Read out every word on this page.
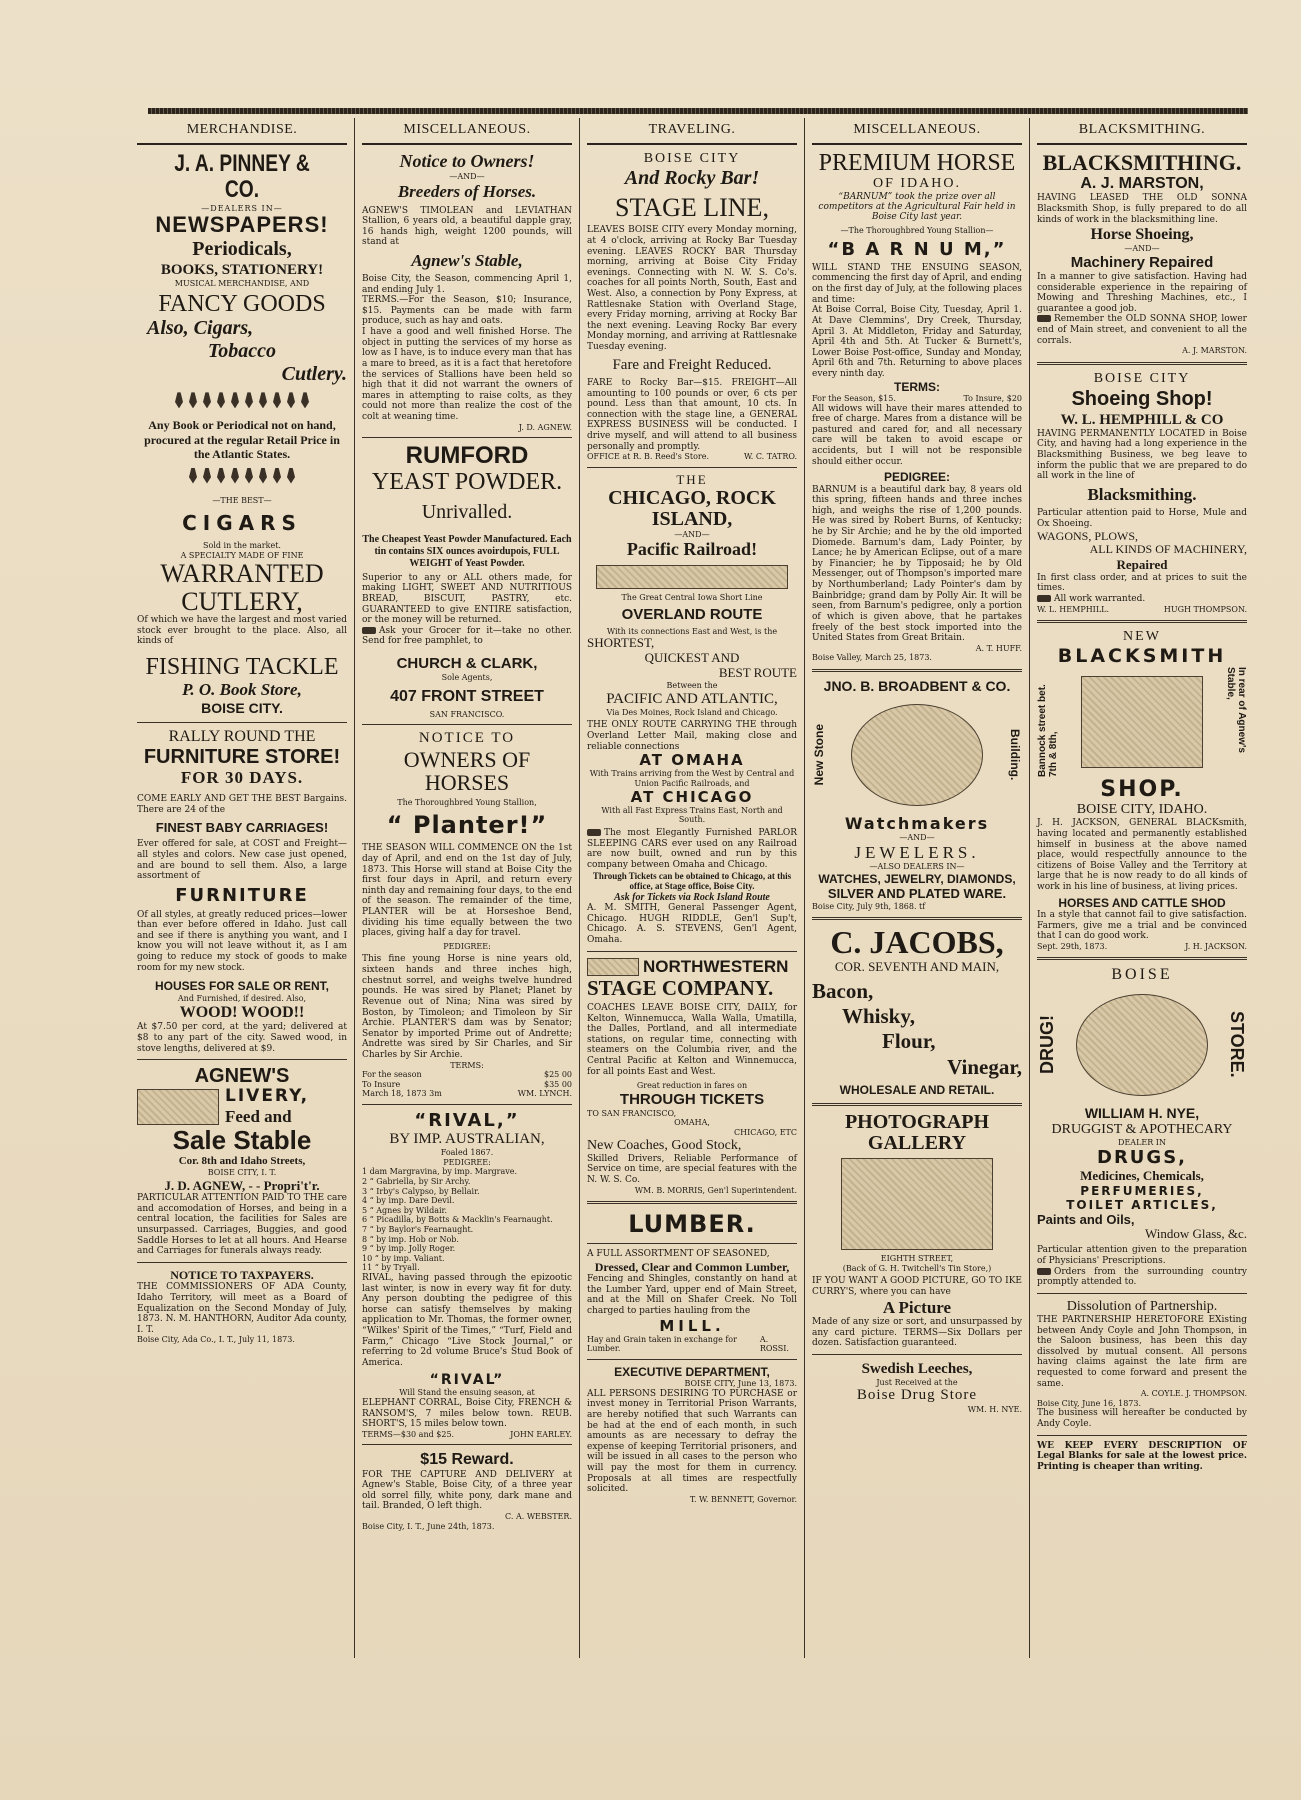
MERCHANDISE.
J. A. PINNEY & CO.
—DEALERS IN—
NEWSPAPERS!
Periodicals,
BOOKS, STATIONERY!
MUSICAL MERCHANDISE, AND
FANCY GOODS
Also, Cigars,
Tobacco
Cutlery.
Any Book or Periodical not on hand, procured at the regular Retail Price in the Atlantic States.
—THE BEST—
CIGARS
Sold in the market.
A SPECIALTY MADE OF FINE
WARRANTED CUTLERY,
Of which we have the largest and most varied stock ever brought to the place. Also, all kinds of
FISHING TACKLE
P. O. Book Store,
BOISE CITY.
RALLY ROUND THE
FURNITURE STORE!
FOR 30 DAYS.
COME EARLY AND GET THE BEST Bargains. There are 24 of the
FINEST BABY CARRIAGES!
Ever offered for sale, at COST and Freight—all styles and colors. New case just opened, and are bound to sell them. Also, a large assortment of
FURNITURE
Of all styles, at greatly reduced prices—lower than ever before offered in Idaho. Just call and see if there is anything you want, and I know you will not leave without it, as I am going to reduce my stock of goods to make room for my new stock.
HOUSES FOR SALE OR RENT,
And Furnished, if desired. Also,
WOOD! WOOD!!
At $7.50 per cord, at the yard; delivered at $8 to any part of the city. Sawed wood, in stove lengths, delivered at $9.
AGNEW'S
LIVERY,
Feed and
Sale Stable
Cor. 8th and Idaho Streets,
BOISE CITY, I. T.
J. D. AGNEW, - - Propri't'r.
PARTICULAR ATTENTION PAID TO THE care and accomodation of Horses, and being in a central location, the facilities for Sales are unsurpassed. Carriages, Buggies, and good Saddle Horses to let at all hours. And Hearse and Carriages for funerals always ready.
NOTICE TO TAXPAYERS.
THE COMMISSIONERS OF ADA County, Idaho Territory, will meet as a Board of Equalization on the Second Monday of July, 1873. N. M. HANTHORN, Auditor Ada county, I. T.
Boise City, Ada Co., I. T., July 11, 1873.
MISCELLANEOUS.
Notice to Owners!
—AND—
Breeders of Horses.
AGNEW'S TIMOLEAN and LEVIATHAN Stallion, 6 years old, a beautiful dapple gray, 16 hands high, weight 1200 pounds, will stand at
Agnew's Stable,
Boise City, the Season, commencing April 1, and ending July 1.
TERMS.—For the Season, $10; Insurance, $15. Payments can be made with farm produce, such as hay and oats.
I have a good and well finished Horse. The object in putting the services of my horse as low as I have, is to induce every man that has a mare to breed, as it is a fact that heretofore the services of Stallions have been held so high that it did not warrant the owners of mares in attempting to raise colts, as they could not more than realize the cost of the colt at weaning time.
J. D. AGNEW.
RUMFORD
YEAST POWDER.
Unrivalled.
The Cheapest Yeast Powder Manufactured. Each tin contains SIX ounces avoirdupois, FULL WEIGHT of Yeast Powder.
Superior to any or ALL others made, for making LIGHT, SWEET AND NUTRITIOUS BREAD, BISCUIT, PASTRY, etc. GUARANTEED to give ENTIRE satisfaction, or the money will be returned.
Ask your Grocer for it—take no other. Send for free pamphlet, to
CHURCH & CLARK,
Sole Agents,
407 FRONT STREET
SAN FRANCISCO.
NOTICE TO
OWNERS OF HORSES
The Thoroughbred Young Stallion,
“ Planter!”
THE SEASON WILL COMMENCE ON the 1st day of April, and end on the 1st day of July, 1873. This Horse will stand at Boise City the first four days in April, and return every ninth day and remaining four days, to the end of the season. The remainder of the time, PLANTER will be at Horseshoe Bend, dividing his time equally between the two places, giving half a day for travel.
PEDIGREE:
This fine young Horse is nine years old, sixteen hands and three inches high, chestnut sorrel, and weighs twelve hundred pounds. He was sired by Planet; Planet by Revenue out of Nina; Nina was sired by Boston, by Timoleon; and Timoleon by Sir Archie. PLANTER'S dam was by Senator; Senator by imported Prime out of Andrette; Andrette was sired by Sir Charles, and Sir Charles by Sir Archie.
TERMS:
For the season	$25 00
To Insure	$35 00
March 18, 1873 3m	WM. LYNCH.
“RIVAL,”
BY IMP. AUSTRALIAN,
Foaled 1867.
PEDIGREE:
1 dam Margravina, by imp. Margrave.
2 “ Gabriella, by Sir Archy.
3 “ Irby's Calypso, by Bellair.
4 “ by imp. Dare Devil.
5 “ Agnes by Wildair.
6 “ Picadilla, by Botts & Macklin's Fearnaught.
7 “ by Baylor's Fearnaught.
8 “ by imp. Hob or Nob.
9 “ by imp. Jolly Roger.
10 “ by imp. Valiant.
11 “ by Tryall.
RIVAL, having passed through the epizootic last winter, is now in every way fit for duty. Any person doubting the pedigree of this horse can satisfy themselves by making application to Mr. Thomas, the former owner, “Wilkes' Spirit of the Times,” “Turf, Field and Farm,” Chicago “Live Stock Journal,” or referring to 2d volume Bruce's Stud Book of America.
“RIVAL”
Will Stand the ensuing season, at
ELEPHANT CORRAL, Boise City, FRENCH & RANSOM'S, 7 miles below town. REUB. SHORT'S, 15 miles below town.
TERMS—$30 and $25.	JOHN EARLEY.
$15 Reward.
FOR THE CAPTURE AND DELIVERY at Agnew's Stable, Boise City, of a three year old sorrel filly, white pony, dark mane and tail. Branded, O left thigh.
C. A. WEBSTER.
Boise City, I. T., June 24th, 1873.
TRAVELING.
BOISE CITY
And Rocky Bar!
STAGE LINE,
LEAVES BOISE CITY every Monday morning, at 4 o'clock, arriving at Rocky Bar Tuesday evening. LEAVES ROCKY BAR Thursday morning, arriving at Boise City Friday evenings. Connecting with N. W. S. Co's. coaches for all points North, South, East and West. Also, a connection by Pony Express, at Rattlesnake Station with Overland Stage, every Friday morning, arriving at Rocky Bar the next evening. Leaving Rocky Bar every Monday morning, and arriving at Rattlesnake Tuesday evening.
Fare and Freight Reduced.
FARE to Rocky Bar—$15. FREIGHT—All amounting to 100 pounds or over, 6 cts per pound. Less than that amount, 10 cts. In connection with the stage line, a GENERAL EXPRESS BUSINESS will be conducted. I drive myself, and will attend to all business personally and promptly.
OFFICE at R. B. Reed's Store.	W. C. TATRO.
THE
CHICAGO, ROCK ISLAND,
—AND—
Pacific Railroad!
The Great Central Iowa Short Line
OVERLAND ROUTE
With its connections East and West, is the
SHORTEST,
QUICKEST AND
BEST ROUTE
Between the
PACIFIC AND ATLANTIC,
Via Des Moines, Rock Island and Chicago.
THE ONLY ROUTE CARRYING THE through Overland Letter Mail, making close and reliable connections
AT OMAHA
With Trains arriving from the West by Central and Union Pacific Railroads, and
AT CHICAGO
With all Fast Express Trains East, North and South.
The most Elegantly Furnished PARLOR SLEEPING CARS ever used on any Railroad are now built, owned and run by this company between Omaha and Chicago.
Through Tickets can be obtained to Chicago, at this office, at Stage office, Boise City.
Ask for Tickets via Rock Island Route
A. M. SMITH, General Passenger Agent, Chicago. HUGH RIDDLE, Gen'l Sup't, Chicago. A. S. STEVENS, Gen'l Agent, Omaha.
NORTHWESTERN
STAGE COMPANY.
COACHES LEAVE BOISE CITY, DAILY, for Kelton, Winnemucca, Walla Walla, Umatilla, the Dalles, Portland, and all intermediate stations, on regular time, connecting with steamers on the Columbia river, and the Central Pacific at Kelton and Winnemucca, for all points East and West.
Great reduction in fares on
THROUGH TICKETS
TO SAN FRANCISCO,
OMAHA,
CHICAGO, ETC
New Coaches, Good Stock,
Skilled Drivers, Reliable Performance of Service on time, are special features with the N. W. S. Co.
WM. B. MORRIS, Gen'l Superintendent.
LUMBER.
A FULL ASSORTMENT OF SEASONED,
Dressed, Clear and Common Lumber,
Fencing and Shingles, constantly on hand at the Lumber Yard, upper end of Main Street, and at the Mill on Shafer Creek. No Toll charged to parties hauling from the
MILL.
Hay and Grain taken in exchange for Lumber.
A. ROSSI.
EXECUTIVE DEPARTMENT,
BOISE CITY, June 13, 1873.
ALL PERSONS DESIRING TO PURCHASE or invest money in Territorial Prison Warrants, are hereby notified that such Warrants can be had at the end of each month, in such amounts as are necessary to defray the expense of keeping Territorial prisoners, and will be issued in all cases to the person who will pay the most for them in currency. Proposals at all times are respectfully solicited.
T. W. BENNETT, Governor.
MISCELLANEOUS.
PREMIUM HORSE
OF IDAHO.
“BARNUM” took the prize over all competitors at the Agricultural Fair held in Boise City last year.
—The Thoroughbred Young Stallion—
“B A R N U M,”
WILL STAND THE ENSUING SEASON, commencing the first day of April, and ending on the first day of July, at the following places and time:
At Boise Corral, Boise City, Tuesday, April 1. At Dave Clemmins', Dry Creek, Thursday, April 3. At Middleton, Friday and Saturday, April 4th and 5th. At Tucker & Burnett's, Lower Boise Post-office, Sunday and Monday, April 6th and 7th. Returning to above places every ninth day.
TERMS:
For the Season, $15.	To Insure, $20
All widows will have their mares attended to free of charge. Mares from a distance will be pastured and cared for, and all necessary care will be taken to avoid escape or accidents, but I will not be responsible should either occur.
PEDIGREE:
BARNUM is a beautiful dark bay, 8 years old this spring, fifteen hands and three inches high, and weighs the rise of 1,200 pounds. He was sired by Robert Burns, of Kentucky; he by Sir Archie; and he by the old imported Diomede. Barnum's dam, Lady Pointer, by Lance; he by American Eclipse, out of a mare by Financier; he by Tipposaid; he by Old Messenger, out of Thompson's imported mare by Northumberland; Lady Pointer's dam by Bainbridge; grand dam by Polly Air. It will be seen, from Barnum's pedigree, only a portion of which is given above, that he partakes freely of the best stock imported into the United States from Great Britain.
A. T. HUFF.
Boise Valley, March 25, 1873.
JNO. B. BROADBENT & CO.
New Stone	Building.
Watchmakers
—AND—
JEWELERS.
—ALSO DEALERS IN—
WATCHES, JEWELRY, DIAMONDS,
SILVER AND PLATED WARE.
Boise City, July 9th, 1868. tf
C. JACOBS,
COR. SEVENTH AND MAIN,
Bacon,
Whisky,
Flour,
Vinegar,
WHOLESALE AND RETAIL.
PHOTOGRAPH GALLERY
EIGHTH STREET,
(Back of G. H. Twitchell's Tin Store,)
IF YOU WANT A GOOD PICTURE, GO TO IKE CURRY'S, where you can have
A Picture
Made of any size or sort, and unsurpassed by any card picture. TERMS—Six Dollars per dozen. Satisfaction guaranteed.
Swedish Leeches,
Just Received at the
Boise Drug Store
WM. H. NYE.
BLACKSMITHING.
BLACKSMITHING.
A. J. MARSTON,
HAVING LEASED THE OLD SONNA Blacksmith Shop, is fully prepared to do all kinds of work in the blacksmithing line.
Horse Shoeing,
—AND—
Machinery Repaired
In a manner to give satisfaction. Having had considerable experience in the repairing of Mowing and Threshing Machines, etc., I guarantee a good job.
Remember the OLD SONNA SHOP, lower end of Main street, and convenient to all the corrals.
A. J. MARSTON.
BOISE CITY
Shoeing Shop!
W. L. HEMPHILL & CO
HAVING PERMANENTLY LOCATED in Boise City, and having had a long experience in the Blacksmithing Business, we beg leave to inform the public that we are prepared to do all work in the line of
Blacksmithing.
Particular attention paid to Horse, Mule and Ox Shoeing.
WAGONS, PLOWS,
ALL KINDS OF MACHINERY,
Repaired
In first class order, and at prices to suit the times.
All work warranted.
W. L. HEMPHILL.	HUGH THOMPSON.
NEW
BLACKSMITH
Bannock street bet. 7th & 8th,
In rear of Agnew's Stable,
SHOP.
BOISE CITY, IDAHO.
J. H. JACKSON, GENERAL BLACKsmith, having located and permanently established himself in business at the above named place, would respectfully announce to the citizens of Boise Valley and the Territory at large that he is now ready to do all kinds of work in his line of business, at living prices.
HORSES AND CATTLE SHOD
In a style that cannot fail to give satisfaction. Farmers, give me a trial and be convinced that I can do good work.
Sept. 29th, 1873.	J. H. JACKSON.
BOISE
DRUG!	STORE.
WILLIAM H. NYE,
DRUGGIST & APOTHECARY
DEALER IN
DRUGS,
Medicines, Chemicals,
PERFUMERIES,
TOILET ARTICLES,
Paints and Oils,
Window Glass, &c.
Particular attention given to the preparation of Physicians' Prescriptions.
Orders from the surrounding country promptly attended to.
Dissolution of Partnership.
THE PARTNERSHIP HERETOFORE EXisting between Andy Coyle and John Thompson, in the Saloon business, has been this day dissolved by mutual consent. All persons having claims against the late firm are requested to come forward and present the same.
A. COYLE. J. THOMPSON.
Boise City, June 16, 1873.
The business will hereafter be conducted by Andy Coyle.
WE KEEP EVERY DESCRIPTION OF Legal Blanks for sale at the lowest price. Printing is cheaper than writing.
